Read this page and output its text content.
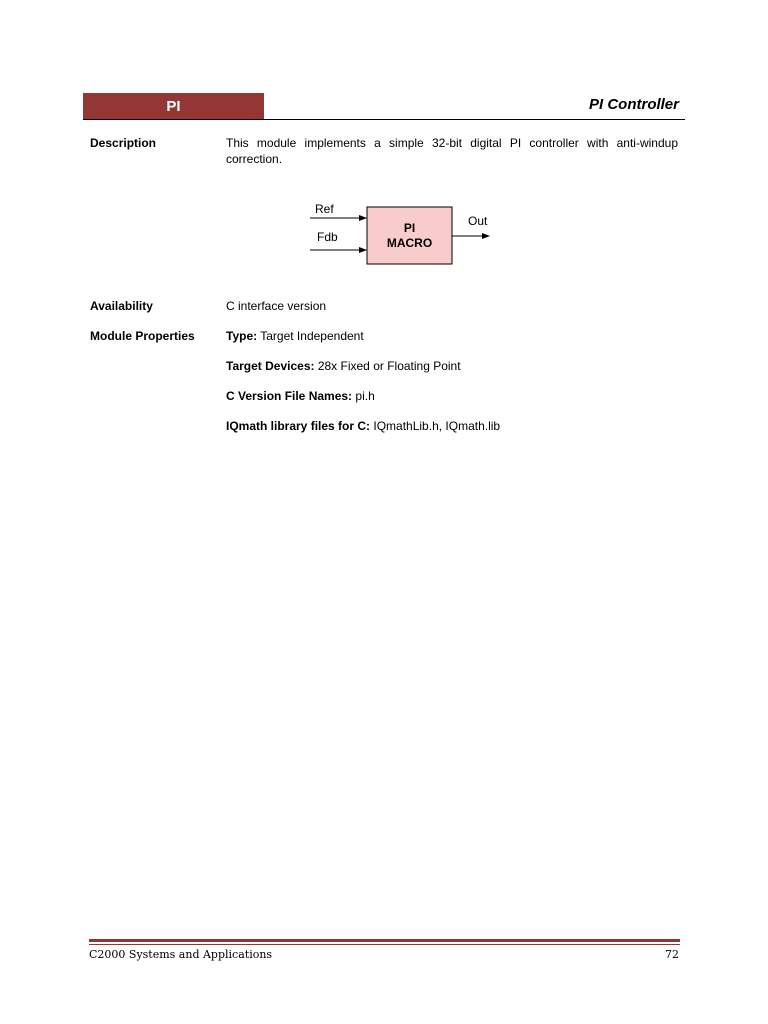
PI	PI Controller
Description	This module implements a simple 32-bit digital PI controller with anti-windup correction.
Ref
Fdb
PI
MACRO
Out
Availability	C interface version
Module Properties	Type: Target Independent
Target Devices: 28x Fixed or Floating Point
C Version File Names: pi.h
IQmath library files for C: IQmathLib.h, IQmath.lib
C2000 Systems and Applications	72
